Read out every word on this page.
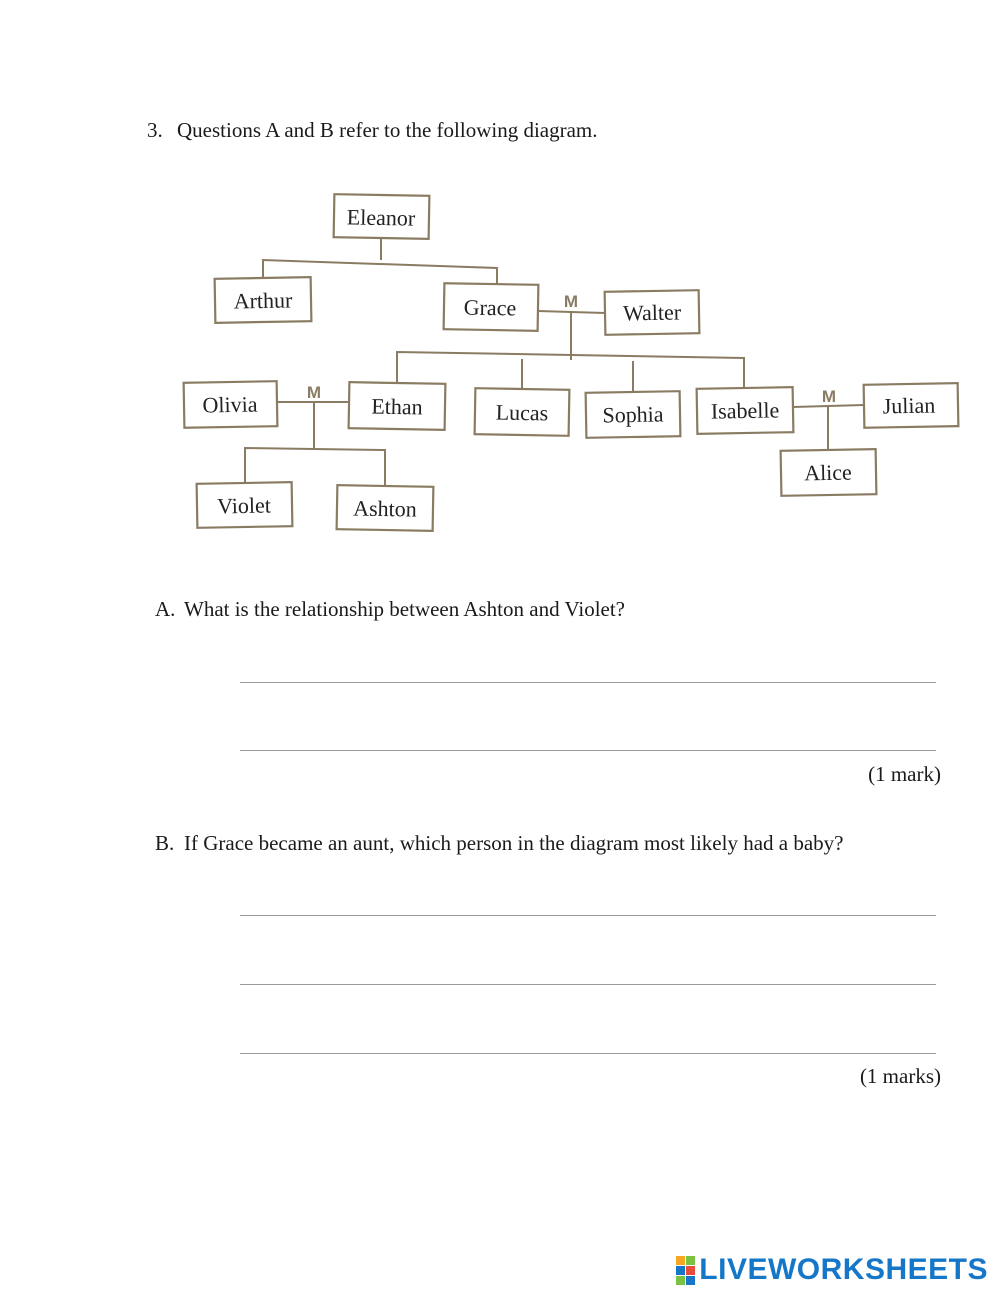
3. Questions A and B refer to the following diagram.
M
M	M
Eleanor
Arthur	Grace	Walter
Olivia	Ethan	Lucas Sophia Isabelle	Julian
Alice
Violet	Ashton
A. What is the relationship between Ashton and Violet?
(1 mark)
B. If Grace became an aunt, which person in the diagram most likely had a baby?
(1 marks)
LIVEWORKSHEETS
